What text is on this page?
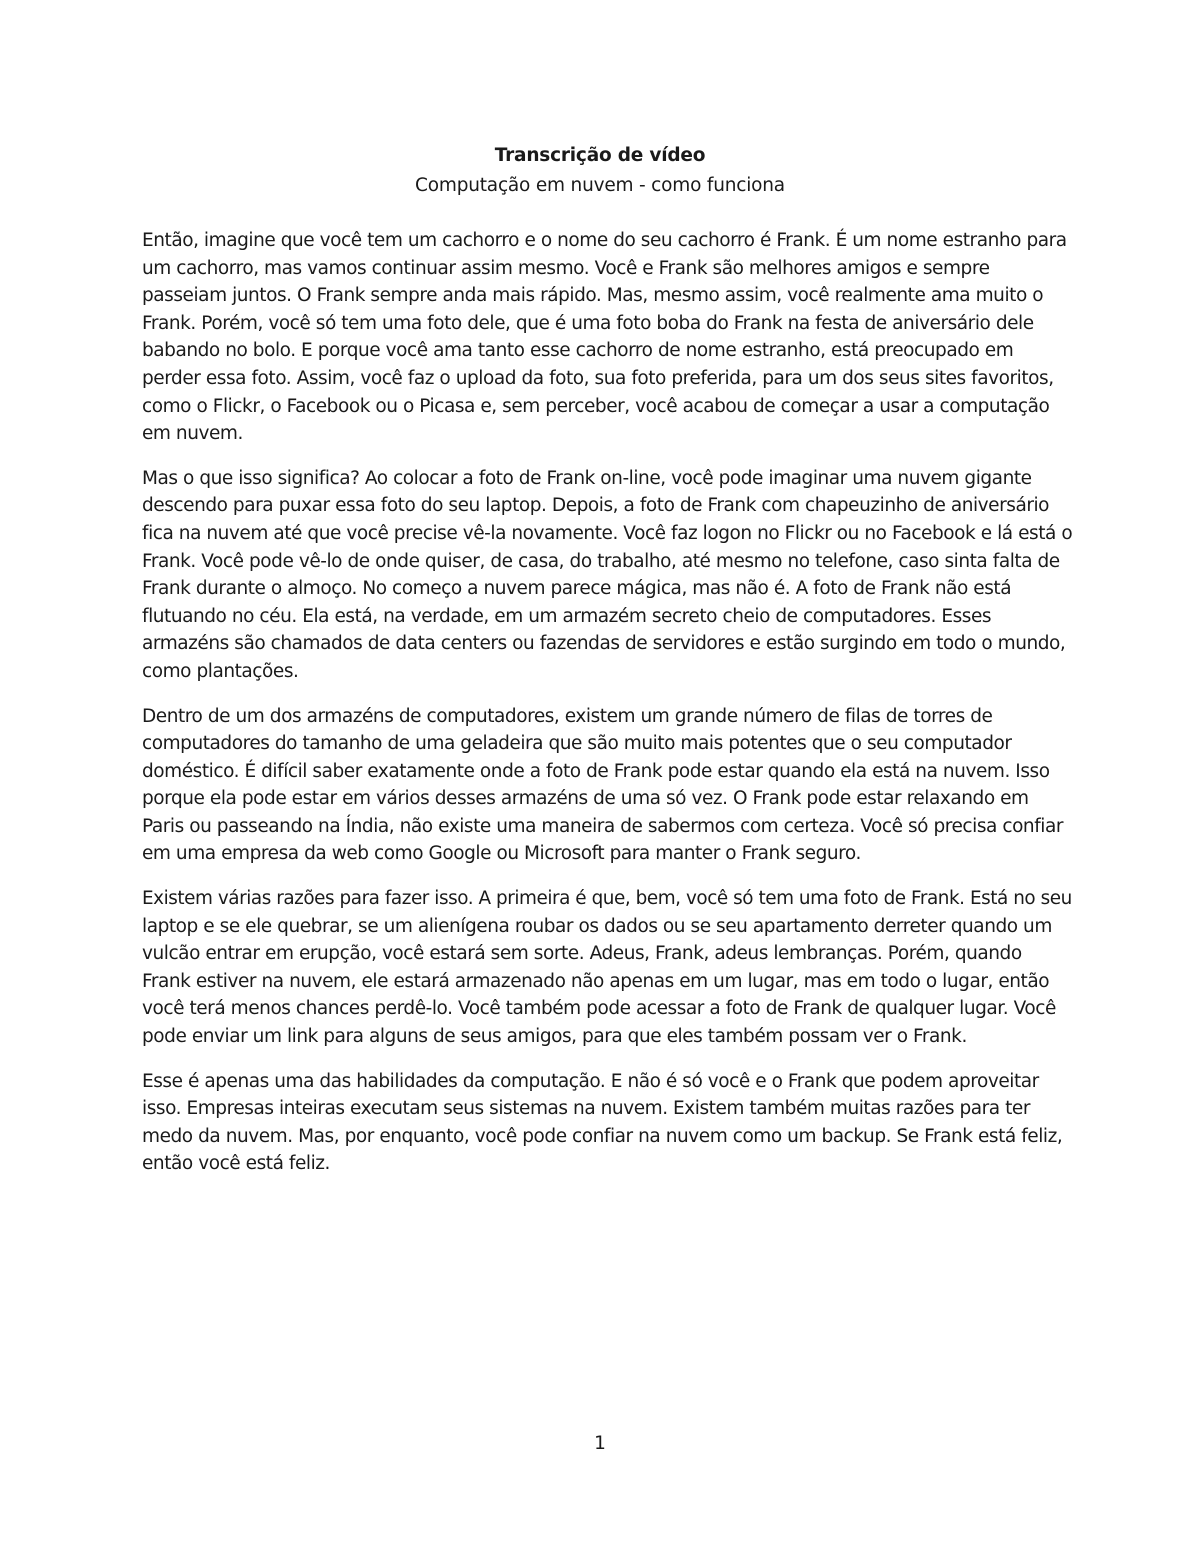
Transcrição de vídeo
Computação em nuvem - como funciona

Então, imagine que você tem um cachorro e o nome do seu cachorro é Frank. É um nome estranho para
um cachorro, mas vamos continuar assim mesmo. Você e Frank são melhores amigos e sempre
passeiam juntos. O Frank sempre anda mais rápido. Mas, mesmo assim, você realmente ama muito o
Frank. Porém, você só tem uma foto dele, que é uma foto boba do Frank na festa de aniversário dele
babando no bolo. E porque você ama tanto esse cachorro de nome estranho, está preocupado em
perder essa foto. Assim, você faz o upload da foto, sua foto preferida, para um dos seus sites favoritos,
como o Flickr, o Facebook ou o Picasa e, sem perceber, você acabou de começar a usar a computação
em nuvem.

Mas o que isso significa? Ao colocar a foto de Frank on-line, você pode imaginar uma nuvem gigante
descendo para puxar essa foto do seu laptop. Depois, a foto de Frank com chapeuzinho de aniversário
fica na nuvem até que você precise vê-la novamente. Você faz logon no Flickr ou no Facebook e lá está o
Frank. Você pode vê-lo de onde quiser, de casa, do trabalho, até mesmo no telefone, caso sinta falta de
Frank durante o almoço. No começo a nuvem parece mágica, mas não é. A foto de Frank não está
flutuando no céu. Ela está, na verdade, em um armazém secreto cheio de computadores. Esses
armazéns são chamados de data centers ou fazendas de servidores e estão surgindo em todo o mundo,
como plantações.

Dentro de um dos armazéns de computadores, existem um grande número de filas de torres de
computadores do tamanho de uma geladeira que são muito mais potentes que o seu computador
doméstico. É difícil saber exatamente onde a foto de Frank pode estar quando ela está na nuvem. Isso
porque ela pode estar em vários desses armazéns de uma só vez. O Frank pode estar relaxando em
Paris ou passeando na Índia, não existe uma maneira de sabermos com certeza. Você só precisa confiar
em uma empresa da web como Google ou Microsoft para manter o Frank seguro.

Existem várias razões para fazer isso. A primeira é que, bem, você só tem uma foto de Frank. Está no seu
laptop e se ele quebrar, se um alienígena roubar os dados ou se seu apartamento derreter quando um
vulcão entrar em erupção, você estará sem sorte. Adeus, Frank, adeus lembranças. Porém, quando
Frank estiver na nuvem, ele estará armazenado não apenas em um lugar, mas em todo o lugar, então
você terá menos chances perdê-lo. Você também pode acessar a foto de Frank de qualquer lugar. Você
pode enviar um link para alguns de seus amigos, para que eles também possam ver o Frank.

Esse é apenas uma das habilidades da computação. E não é só você e o Frank que podem aproveitar
isso. Empresas inteiras executam seus sistemas na nuvem. Existem também muitas razões para ter
medo da nuvem. Mas, por enquanto, você pode confiar na nuvem como um backup. Se Frank está feliz,
então você está feliz.

1
